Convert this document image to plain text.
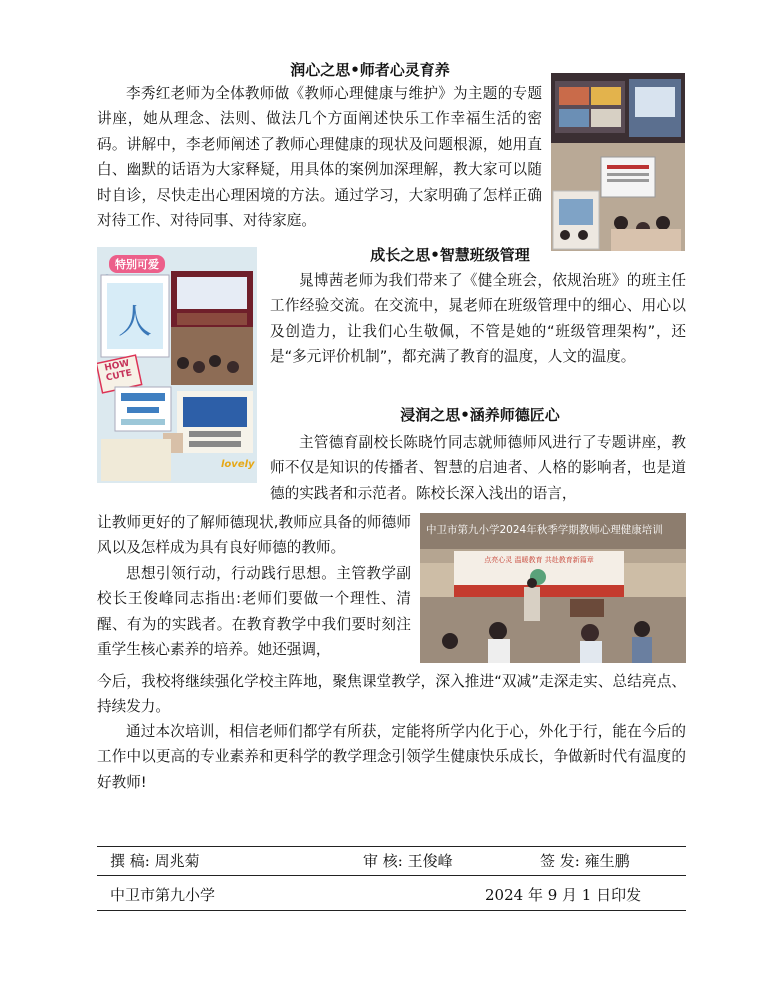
润心之思•师者心灵育养

李秀红老师为全体教师做《教师心理健康与维护》为主题的专题讲座，她从理念、法则、做法几个方面阐述快乐工作幸福生活的密码。讲解中，李老师阐述了教师心理健康的现状及问题根源，她用直白、幽默的话语为大家释疑，用具体的案例加深理解，教大家可以随时自诊，尽快走出心理困境的方法。通过学习，大家明确了怎样正确对待工作、对待同事、对待家庭。

成长之思•智慧班级管理
人
特别可爱
HOW CUTE
lovely

晁博茜老师为我们带来了《健全班会，依规治班》的班主任工作经验交流。在交流中，晁老师在班级管理中的细心、用心以及创造力，让我们心生敬佩，不管是她的“班级管理架构”，还是“多元评价机制”，都充满了教育的温度，人文的温度。

浸润之思•涵养师德匠心

主管德育副校长陈晓竹同志就师德师风进行了专题讲座，教师不仅是知识的传播者、智慧的启迪者、人格的影响者，也是道德的实践者和示范者。陈校长深入浅出的语言，

中卫市第九小学2024年秋季学期教师心理健康培训
点亮心灵 温暖教育 共赴教育新篇章

让教师更好的了解师德现状,教师应具备的师德师风以及怎样成为具有良好师德的教师。

思想引领行动，行动践行思想。主管教学副校长王俊峰同志指出:老师们要做一个理性、清醒、有为的实践者。在教育教学中我们要时刻注重学生核心素养的培养。她还强调，

今后，我校将继续强化学校主阵地，聚焦课堂教学，深入推进“双减”走深走实、总结亮点、持续发力。

通过本次培训，相信老师们都学有所获，定能将所学内化于心，外化于行，能在今后的工作中以更高的专业素养和更科学的教学理念引领学生健康快乐成长，争做新时代有温度的好教师!

撰 稿: 周兆菊	审 核: 王俊峰	签 发: 雍生鹏
中卫市第九小学	2024 年 9 月 1 日印发
